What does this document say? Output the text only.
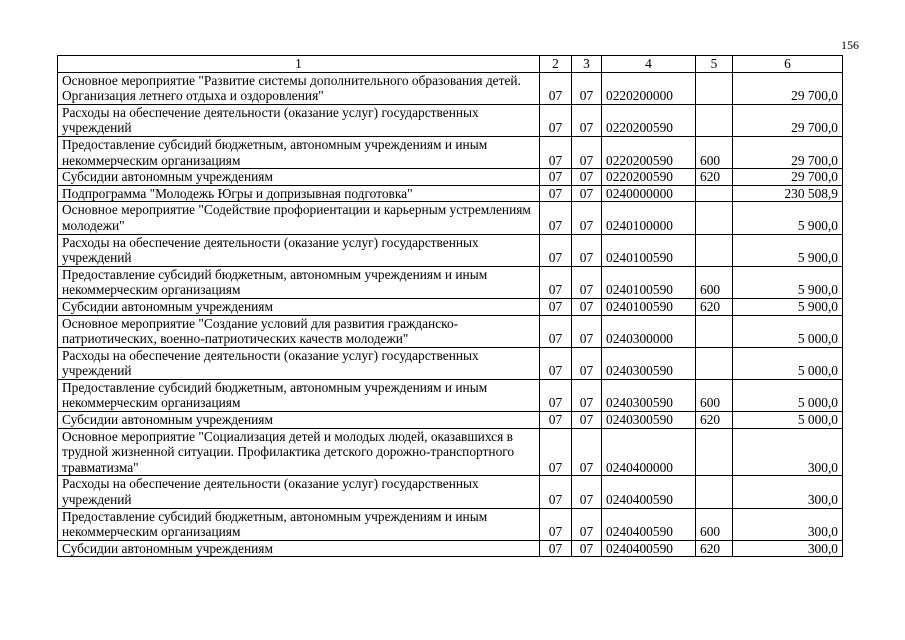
156
1	2	3	4	5	6
Основное мероприятие "Развитие системы дополнительного образования детей. Организация летнего отдыха и оздоровления"	07	07	0220200000		29 700,0
Расходы на обеспечение деятельности (оказание услуг) государственных учреждений	07	07	0220200590		29 700,0
Предоставление субсидий бюджетным, автономным учреждениям и иным некоммерческим организациям	07	07	0220200590	600	29 700,0
Субсидии автономным учреждениям	07	07	0220200590	620	29 700,0
Подпрограмма "Молодежь Югры и допризывная подготовка"	07	07	0240000000		230 508,9
Основное мероприятие "Содействие профориентации и карьерным устремлениям молодежи"	07	07	0240100000		5 900,0
Расходы на обеспечение деятельности (оказание услуг) государственных учреждений	07	07	0240100590		5 900,0
Предоставление субсидий бюджетным, автономным учреждениям и иным некоммерческим организациям	07	07	0240100590	600	5 900,0
Субсидии автономным учреждениям	07	07	0240100590	620	5 900,0
Основное мероприятие "Создание условий для развития гражданско-патриотических, военно-патриотических качеств молодежи"	07	07	0240300000		5 000,0
Расходы на обеспечение деятельности (оказание услуг) государственных учреждений	07	07	0240300590		5 000,0
Предоставление субсидий бюджетным, автономным учреждениям и иным некоммерческим организациям	07	07	0240300590	600	5 000,0
Субсидии автономным учреждениям	07	07	0240300590	620	5 000,0
Основное мероприятие "Социализация детей и молодых людей, оказавшихся в трудной жизненной ситуации. Профилактика детского дорожно-транспортного травматизма"	07	07	0240400000		300,0
Расходы на обеспечение деятельности (оказание услуг) государственных учреждений	07	07	0240400590		300,0
Предоставление субсидий бюджетным, автономным учреждениям и иным некоммерческим организациям	07	07	0240400590	600	300,0
Субсидии автономным учреждениям	07	07	0240400590	620	300,0
